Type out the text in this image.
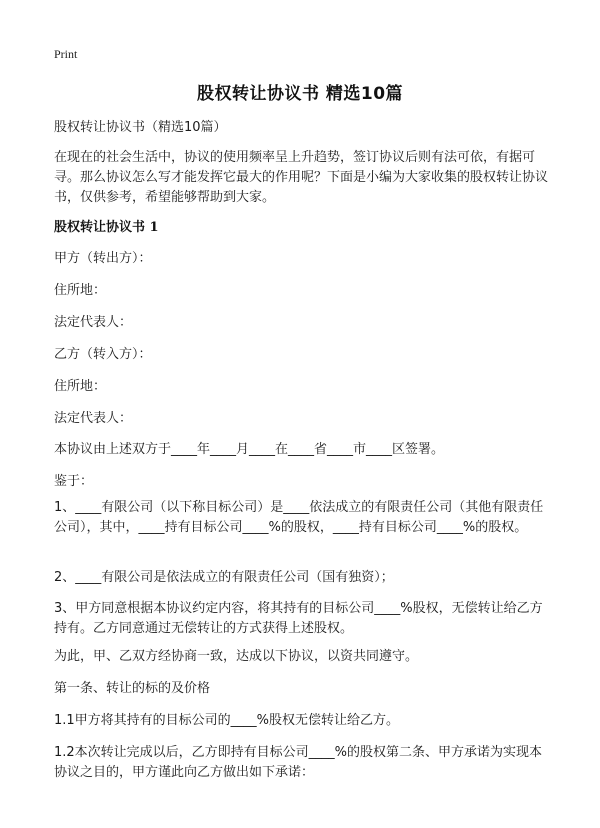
Print
股权转让协议书 精选10篇
股权转让协议书（精选10篇）
在现在的社会生活中，协议的使用频率呈上升趋势，签订协议后则有法可依，有据可寻。那么协议怎么写才能发挥它最大的作用呢？下面是小编为大家收集的股权转让协议书，仅供参考，希望能够帮助到大家。
股权转让协议书 1
甲方（转出方）：
住所地：
法定代表人：
乙方（转入方）：
住所地：
法定代表人：
本协议由上述双方于____年____月____在____省____市____区签署。
鉴于：
1、____有限公司（以下称目标公司）是____依法成立的有限责任公司（其他有限责任公司），其中，____持有目标公司____%的股权，____持有目标公司____%的股权。
2、____有限公司是依法成立的有限责任公司（国有独资）；
3、甲方同意根据本协议约定内容，将其持有的目标公司____%股权，无偿转让给乙方持有。乙方同意通过无偿转让的方式获得上述股权。
为此，甲、乙双方经协商一致，达成以下协议，以资共同遵守。
第一条、转让的标的及价格
1.1甲方将其持有的目标公司的____%股权无偿转让给乙方。
1.2本次转让完成以后，乙方即持有目标公司____%的股权第二条、甲方承诺为实现本协议之目的，甲方谨此向乙方做出如下承诺：
